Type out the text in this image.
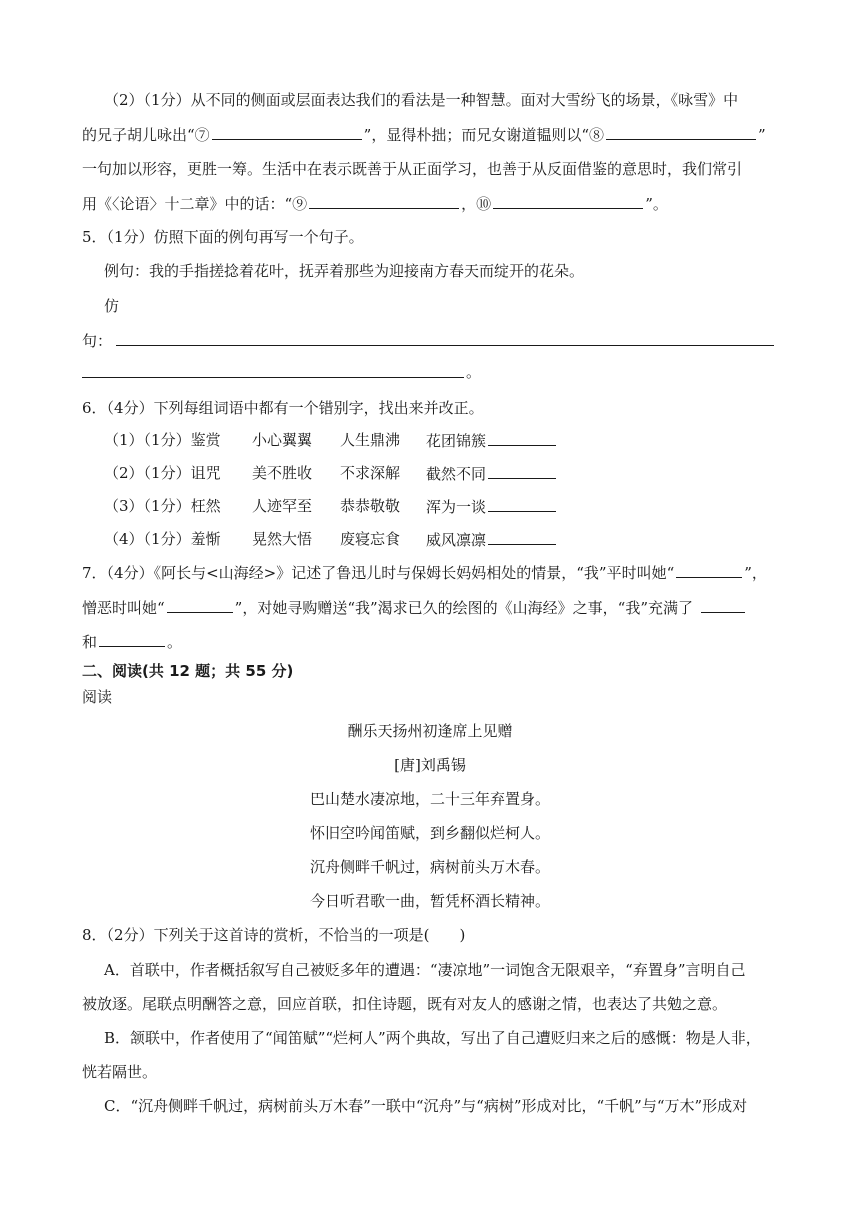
（2）（1分）从不同的侧面或层面表达我们的看法是一种智慧。面对大雪纷飞的场景，《咏雪》中
的兄子胡儿咏出“⑦	”，显得朴拙；而兄女谢道韫则以“⑧	”
一句加以形容，更胜一筹。生活中在表示既善于从正面学习，也善于从反面借鉴的意思时，我们常引
用《〈论语〉十二章》中的话：“⑨	，⑩	”。
5．（1分）仿照下面的例句再写一个句子。
例句：我的手指搓捻着花叶，抚弄着那些为迎接南方春天而绽开的花朵。
仿
句：
。
6．（4分）下列每组词语中都有一个错别字，找出来并改正。
（1）（1分）鉴赏 小心翼翼 人生鼎沸 花团锦簇
（2）（1分）诅咒 美不胜收 不求深解 截然不同
（3）（1分）枉然 人迹罕至 恭恭敬敬 浑为一谈
（4）（1分）羞惭 晃然大悟 废寝忘食 威风凛凛
7．（4分）《阿长与<山海经>》记述了鲁迅儿时与保姆长妈妈相处的情景，“我”平时叫她“	”，
憎恶时叫她“	”，对她寻购赠送“我”渴求已久的绘图的《山海经》之事，“我”充满了
和	。
二、阅读(共 12 题；共 55 分)
阅读
酬乐天扬州初逢席上见赠
[唐]刘禹锡
巴山楚水凄凉地，二十三年弃置身。
怀旧空吟闻笛赋，到乡翻似烂柯人。
沉舟侧畔千帆过，病树前头万木春。
今日听君歌一曲，暂凭杯酒长精神。
8．（2分）下列关于这首诗的赏析，不恰当的一项是(　　)
A．首联中，作者概括叙写自己被贬多年的遭遇：“凄凉地”一词饱含无限艰辛，“弃置身”言明自己
被放逐。尾联点明酬答之意，回应首联，扣住诗题，既有对友人的感谢之情，也表达了共勉之意。
B．颔联中，作者使用了“闻笛赋”“烂柯人”两个典故，写出了自己遭贬归来之后的感慨：物是人非，
恍若隔世。
C．“沉舟侧畔千帆过，病树前头万木春”一联中“沉舟”与“病树”形成对比，“千帆”与“万木”形成对
